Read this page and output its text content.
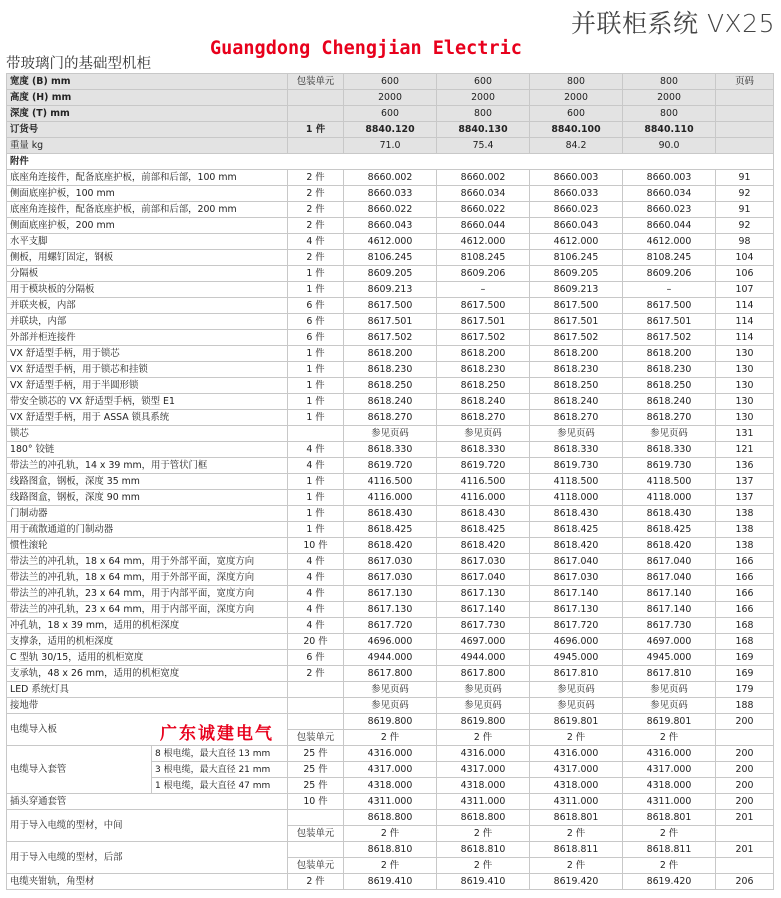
并联柜系统 VX25
带玻璃门的基础型机柜
Guangdong Chengjian Electric
宽度 (B) mm		包装单元	600	600	800	800	页码
高度 (H) mm			2000	2000	2000	2000	
深度 (T) mm			600	800	600	800	
订货号		1 件	8840.120	8840.130	8840.100	8840.110	
重量 kg			71.0	75.4	84.2	90.0	
附件							
底座角连接件，配备底座护板，前部和后部，100 mm		2 件	8660.002	8660.002	8660.003	8660.003	91
侧面底座护板，100 mm		2 件	8660.033	8660.034	8660.033	8660.034	92
底座角连接件，配备底座护板，前部和后部，200 mm		2 件	8660.022	8660.022	8660.023	8660.023	91
侧面底座护板，200 mm		2 件	8660.043	8660.044	8660.043	8660.044	92
水平支脚		4 件	4612.000	4612.000	4612.000	4612.000	98
侧板，用螺钉固定，钢板		2 件	8106.245	8108.245	8106.245	8108.245	104
分隔板		1 件	8609.205	8609.206	8609.205	8609.206	106
用于模块板的分隔板		1 件	8609.213	–	8609.213	–	107
并联夹板，内部		6 件	8617.500	8617.500	8617.500	8617.500	114
并联块，内部		6 件	8617.501	8617.501	8617.501	8617.501	114
外部并柜连接件		6 件	8617.502	8617.502	8617.502	8617.502	114
VX 舒适型手柄，用于锁芯		1 件	8618.200	8618.200	8618.200	8618.200	130
VX 舒适型手柄，用于锁芯和挂锁		1 件	8618.230	8618.230	8618.230	8618.230	130
VX 舒适型手柄，用于半圆形锁		1 件	8618.250	8618.250	8618.250	8618.250	130
带安全锁芯的 VX 舒适型手柄，锁型 E1		1 件	8618.240	8618.240	8618.240	8618.240	130
VX 舒适型手柄，用于 ASSA 锁具系统		1 件	8618.270	8618.270	8618.270	8618.270	130
锁芯			参见页码	参见页码	参见页码	参见页码	131
180° 铰链		4 件	8618.330	8618.330	8618.330	8618.330	121
带法兰的冲孔轨，14 x 39 mm，用于管状门框		4 件	8619.720	8619.720	8619.730	8619.730	136
线路图盒，钢板，深度 35 mm		1 件	4116.500	4116.500	4118.500	4118.500	137
线路图盒，钢板，深度 90 mm		1 件	4116.000	4116.000	4118.000	4118.000	137
门制动器		1 件	8618.430	8618.430	8618.430	8618.430	138
用于疏散通道的门制动器		1 件	8618.425	8618.425	8618.425	8618.425	138
惯性滚轮		10 件	8618.420	8618.420	8618.420	8618.420	138
带法兰的冲孔轨，18 x 64 mm，用于外部平面，宽度方向		4 件	8617.030	8617.030	8617.040	8617.040	166
带法兰的冲孔轨，18 x 64 mm，用于外部平面，深度方向		4 件	8617.030	8617.040	8617.030	8617.040	166
带法兰的冲孔轨，23 x 64 mm，用于内部平面，宽度方向		4 件	8617.130	8617.130	8617.140	8617.140	166
带法兰的冲孔轨，23 x 64 mm，用于内部平面，深度方向		4 件	8617.130	8617.140	8617.130	8617.140	166
冲孔轨，18 x 39 mm，适用的机柜深度		4 件	8617.720	8617.730	8617.720	8617.730	168
支撑条，适用的机柜深度		20 件	4696.000	4697.000	4696.000	4697.000	168
C 型轨 30/15，适用的机柜宽度		6 件	4944.000	4944.000	4945.000	4945.000	169
支承轨，48 x 26 mm，适用的机柜宽度		2 件	8617.800	8617.800	8617.810	8617.810	169
LED 系统灯具			参见页码	参见页码	参见页码	参见页码	179
接地带			参见页码	参见页码	参见页码	参见页码	188
电缆导入板			8619.800	8619.800	8619.801	8619.801	200
		包装单元	2 件	2 件	2 件	2 件	
电缆导入套管	8 根电缆，最大直径 13 mm	25 件	4316.000	4316.000	4316.000	4316.000	200
	3 根电缆，最大直径 21 mm	25 件	4317.000	4317.000	4317.000	4317.000	200
	1 根电缆，最大直径 47 mm	25 件	4318.000	4318.000	4318.000	4318.000	200
插头穿通套管		10 件	4311.000	4311.000	4311.000	4311.000	200
用于导入电缆的型材，中间			8618.800	8618.800	8618.801	8618.801	201
		包装单元	2 件	2 件	2 件	2 件	
用于导入电缆的型材，后部			8618.810	8618.810	8618.811	8618.811	201
		包装单元	2 件	2 件	2 件	2 件	
电缆夹钳轨，角型材		2 件	8619.410	8619.410	8619.420	8619.420	206
广东诚建电气
